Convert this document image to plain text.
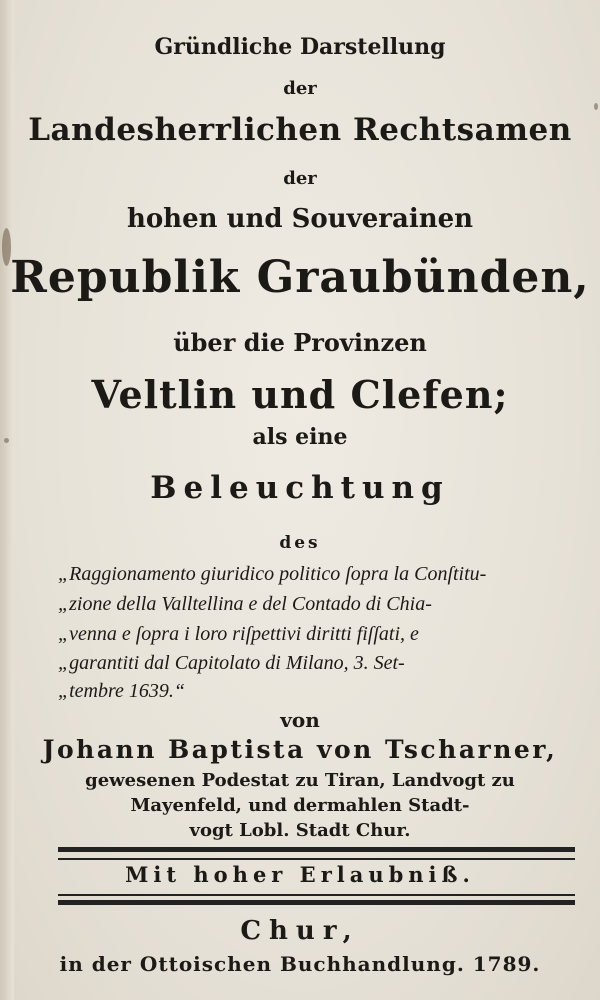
Gründliche Darstellung
der
Landesherrlichen Rechtsamen
der
hohen und Souverainen
Republik Graubünden,
über die Provinzen
Veltlin und Clefen;
als eine
Beleuchtung
des
„Raggionamento giuridico politico ſopra la Conſtitu-
„zione della Valltellina e del Contado di Chia-
„venna e ſopra i loro riſpettivi diritti fiſſati, e
„garantiti dal Capitolato di Milano, 3. Set-
„tembre 1639.“
von
Johann Baptista von Tscharner,
gewesenen Podestat zu Tiran, Landvogt zu
Mayenfeld, und dermahlen Stadt-
vogt Lobl. Stadt Chur.
Mit hoher Erlaubniß.
Chur,
in der Ottoischen Buchhandlung. 1789.
